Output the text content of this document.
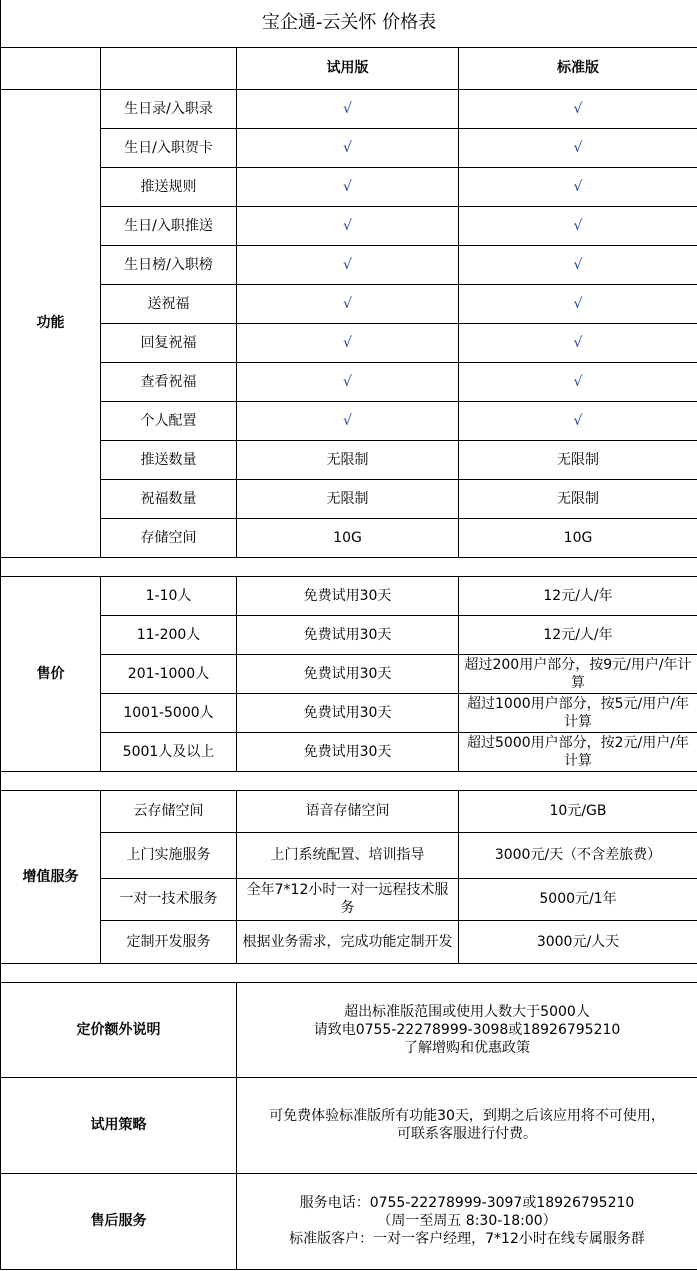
宝企通-云关怀 价格表			
		试用版	标准版
功能	生日录/入职录	√	√
	生日/入职贺卡	√	√
	推送规则	√	√
	生日/入职推送	√	√
	生日榜/入职榜	√	√
	送祝福	√	√
	回复祝福	√	√
	查看祝福	√	√
	个人配置	√	√
	推送数量	无限制	无限制
	祝福数量	无限制	无限制
	存储空间	10G	10G

售价	1-10人	免费试用30天	12元/人/年
	11-200人	免费试用30天	12元/人/年
	201-1000人	免费试用30天	超过200用户部分，按9元/用户/年计算
	1001-5000人	免费试用30天	超过1000用户部分，按5元/用户/年计算
	5001人及以上	免费试用30天	超过5000用户部分，按2元/用户/年计算

增值服务	云存储空间	语音存储空间	10元/GB
	上门实施服务	上门系统配置、培训指导	3000元/天（不含差旅费）
	一对一技术服务	全年7*12小时一对一远程技术服务	5000元/1年
	定制开发服务	根据业务需求，完成功能定制开发	3000元/人天

定价额外说明		超出标准版范围或使用人数大于5000人
请致电0755-22278999-3098或18926795210
了解增购和优惠政策	

试用策略		可免费体验标准版所有功能30天，到期之后该应用将不可使用，
可联系客服进行付费。	

售后服务		服务电话：0755-22278999-3097或18926795210
（周一至周五 8:30-18:00）
标准版客户：一对一客户经理，7*12小时在线专属服务群	
